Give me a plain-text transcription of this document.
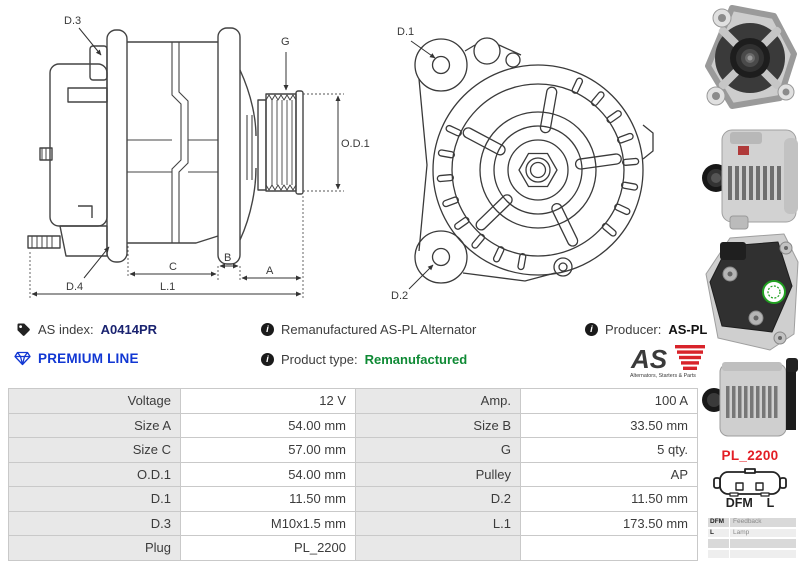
D.3
G
O.D.1
D.4
C
B
A
L.1
D.1
D.2
AS index: A0414PR	i Remanufactured AS-PL Alternator	i Producer: AS-PL
PREMIUM LINE	i Product type: Remanufactured	AS
Alternators, Starters & Parts
Voltage	12 V	Amp.	100 A
Size A	54.00 mm	Size B	33.50 mm
Size C	57.00 mm	G	5 qty.
O.D.1	54.00 mm	Pulley	AP
D.1	11.50 mm	D.2	11.50 mm
D.3	M10x1.5 mm	L.1	173.50 mm
Plug	PL_2200		
PL_2200
DFM L
DFM	Feedback
L	Lamp
